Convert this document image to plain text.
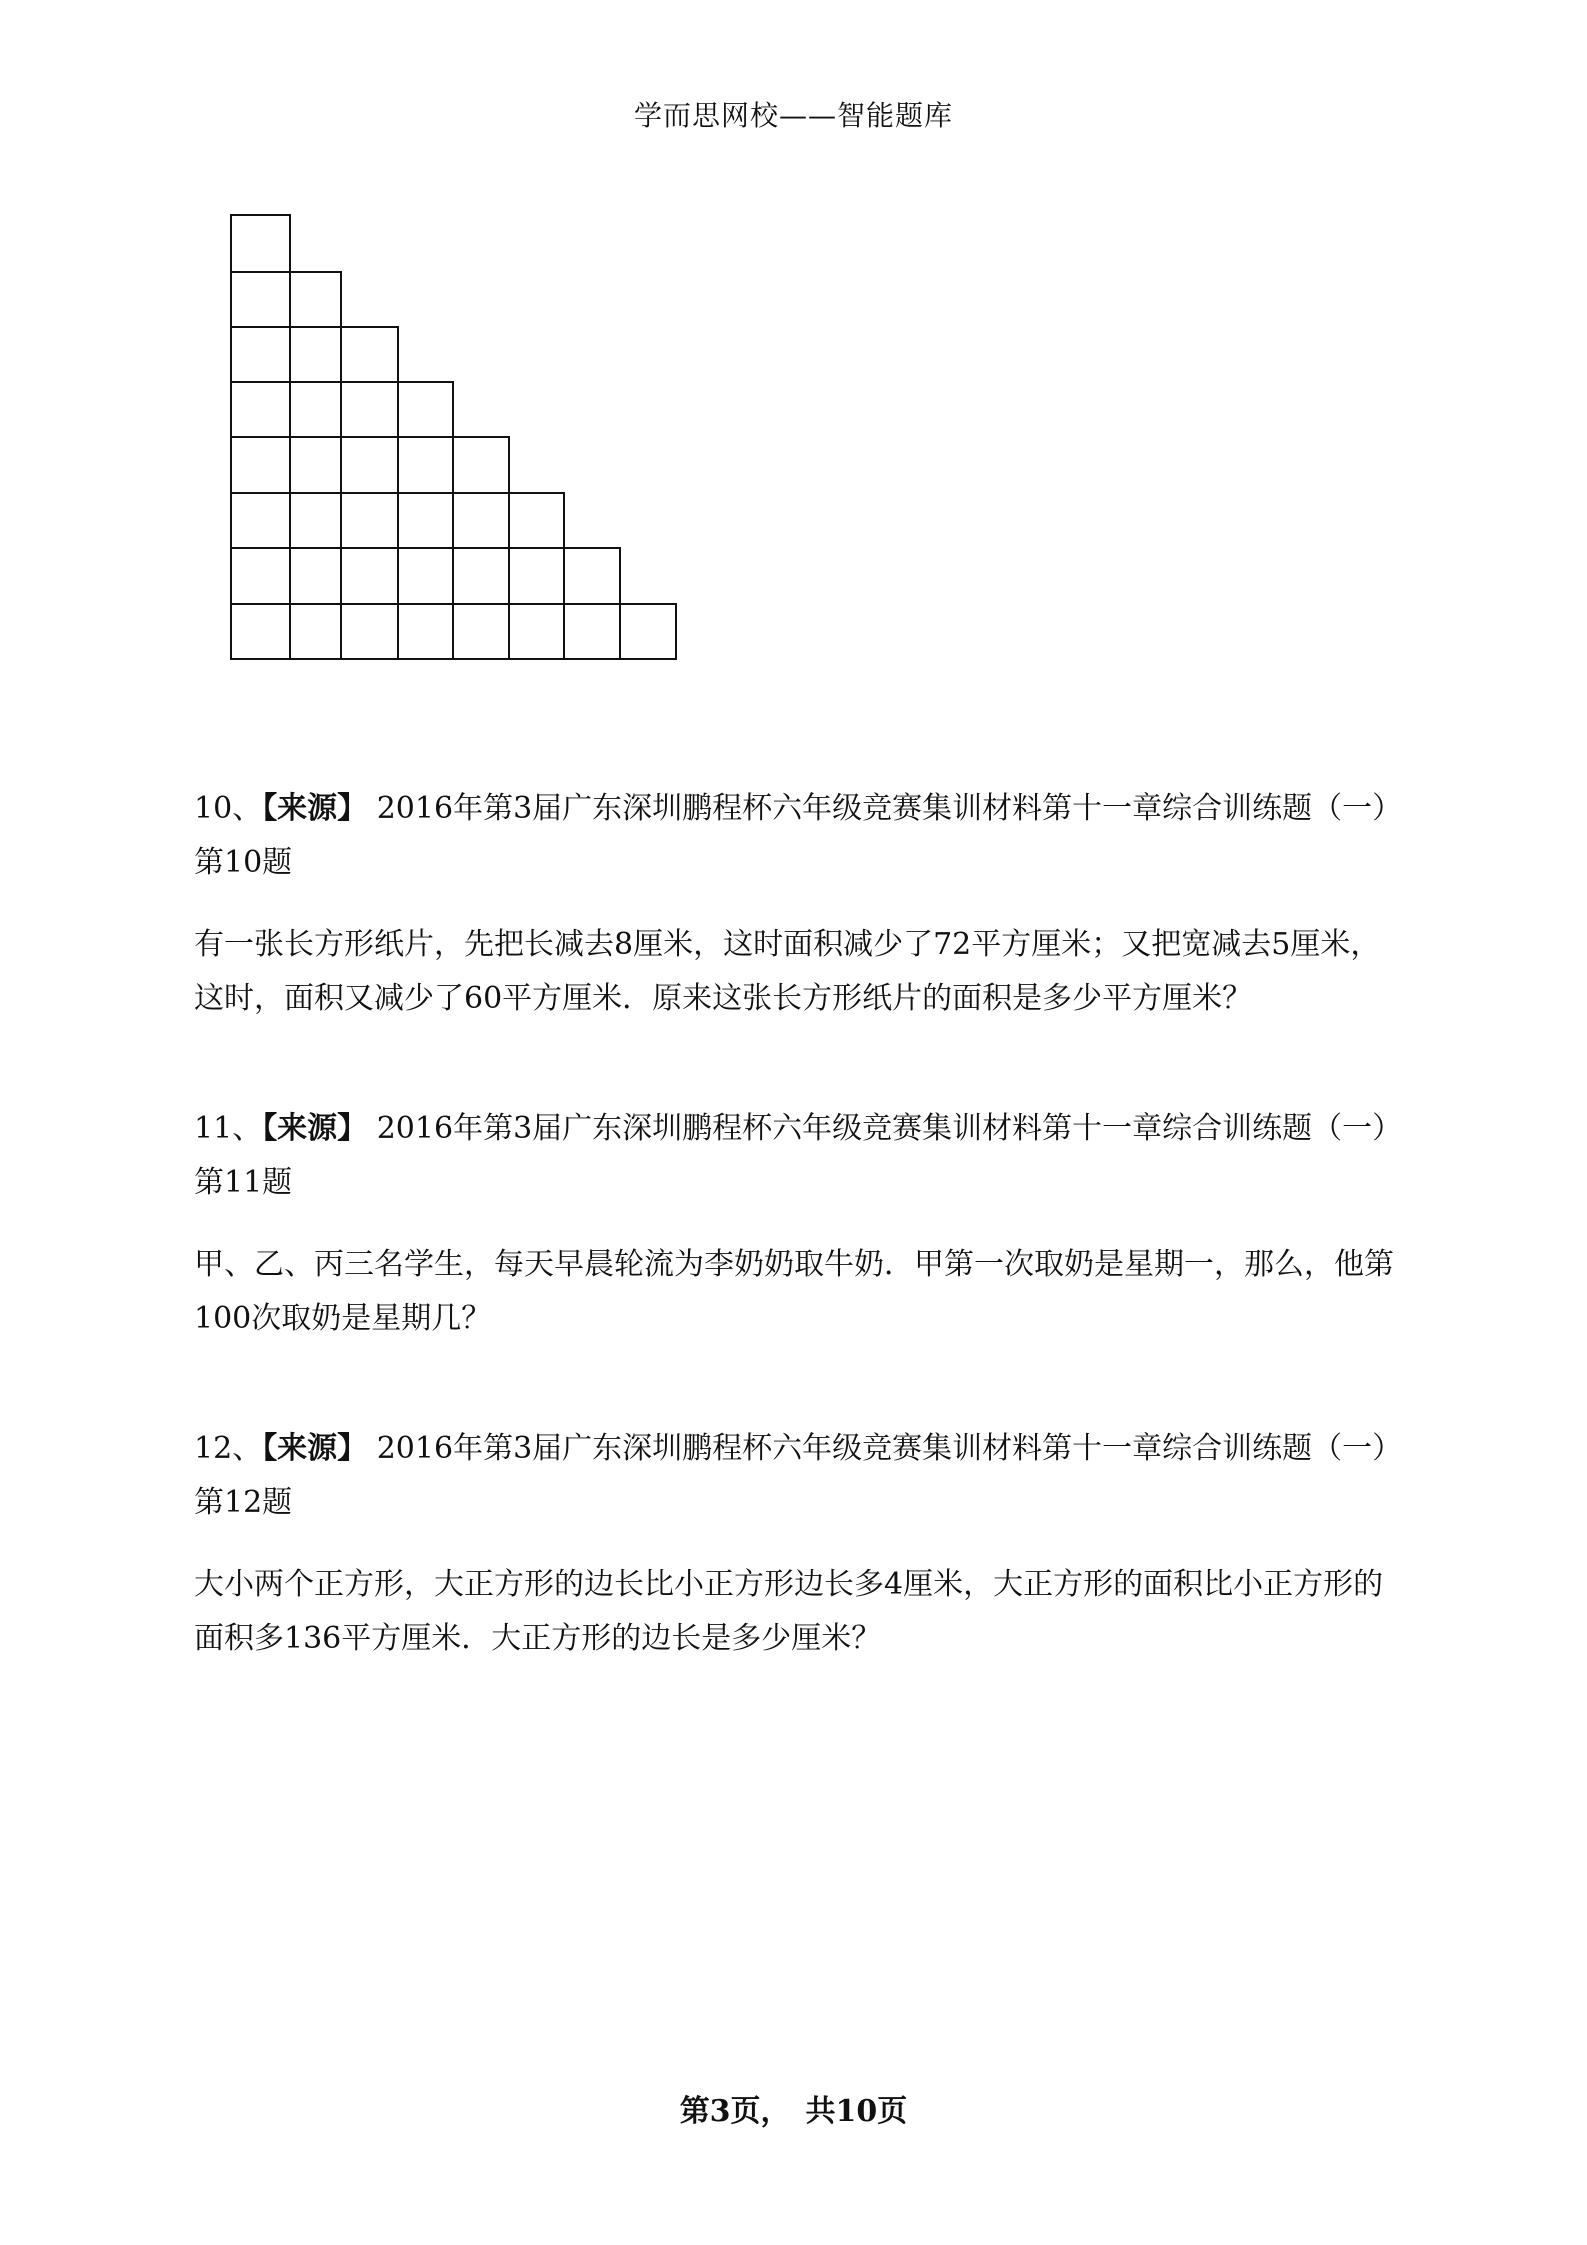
学而思网校——智能题库

10、【来源】 2016年第3届广东深圳鹏程杯六年级竞赛集训材料第十一章综合训练题（一）第10题

有一张长方形纸片，先把长减去8厘米，这时面积减少了72平方厘米；又把宽减去5厘米，这时，面积又减少了60平方厘米．原来这张长方形纸片的面积是多少平方厘米？

11、【来源】 2016年第3届广东深圳鹏程杯六年级竞赛集训材料第十一章综合训练题（一）第11题

甲、乙、丙三名学生，每天早晨轮流为李奶奶取牛奶．甲第一次取奶是星期一，那么，他第100次取奶是星期几？

12、【来源】 2016年第3届广东深圳鹏程杯六年级竞赛集训材料第十一章综合训练题（一）第12题

大小两个正方形，大正方形的边长比小正方形边长多4厘米，大正方形的面积比小正方形的面积多136平方厘米．大正方形的边长是多少厘米？

第3页，　共10页
